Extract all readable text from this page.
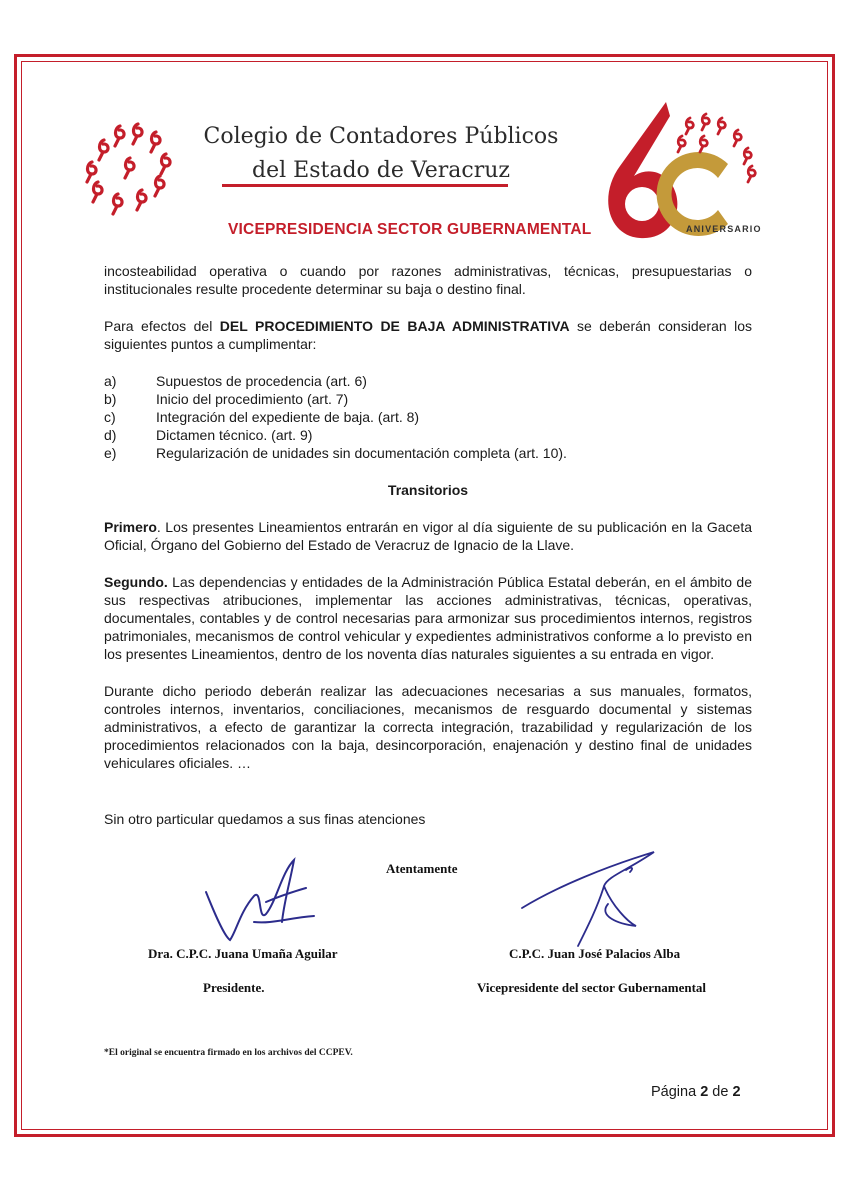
Colegio de Contadores Públicos
del Estado de Veracruz
VICEPRESIDENCIA SECTOR GUBERNAMENTAL	ANIVERSARIO

incosteabilidad operativa o cuando por razones administrativas, técnicas, presupuestarias o institucionales resulte procedente determinar su baja o destino final.

Para efectos del DEL PROCEDIMIENTO DE BAJA ADMINISTRATIVA se deberán consideran los siguientes puntos a cumplimentar:

a)	Supuestos de procedencia (art. 6)
b)	Inicio del procedimiento (art. 7)
c)	Integración del expediente de baja. (art. 8)
d)	Dictamen técnico. (art. 9)
e)	Regularización de unidades sin documentación completa (art. 10).

Transitorios

Primero. Los presentes Lineamientos entrarán en vigor al día siguiente de su publicación en la Gaceta Oficial, Órgano del Gobierno del Estado de Veracruz de Ignacio de la Llave.

Segundo. Las dependencias y entidades de la Administración Pública Estatal deberán, en el ámbito de sus respectivas atribuciones, implementar las acciones administrativas, técnicas, operativas, documentales, contables y de control necesarias para armonizar sus procedimientos internos, registros patrimoniales, mecanismos de control vehicular y expedientes administrativos conforme a lo previsto en los presentes Lineamientos, dentro de los noventa días naturales siguientes a su entrada en vigor.

Durante dicho periodo deberán realizar las adecuaciones necesarias a sus manuales, formatos, controles internos, inventarios, conciliaciones, mecanismos de resguardo documental y sistemas administrativos, a efecto de garantizar la correcta integración, trazabilidad y regularización de los procedimientos relacionados con la baja, desincorporación, enajenación y destino final de unidades vehiculares oficiales. …

Sin otro particular quedamos a sus finas atenciones

Atentamente
Dra. C.P.C. Juana Umaña Aguilar
Presidente.
C.P.C. Juan José Palacios Alba
Vicepresidente del sector Gubernamental
*El original se encuentra firmado en los archivos del CCPEV.
Página 2 de 2
